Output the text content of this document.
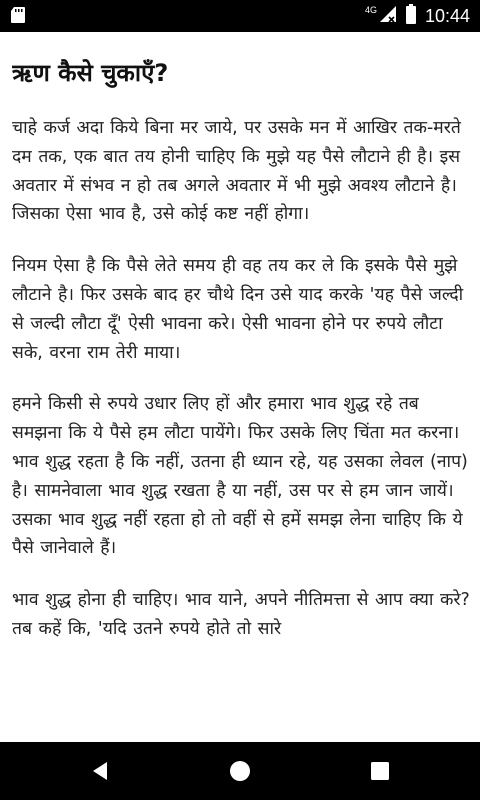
4G	10:44
ऋण कैसे चुकाएँ?

चाहे कर्ज अदा किये बिना मर जाये, पर उसके मन में आखिर तक-मरते दम तक, एक बात तय होनी चाहिए कि मुझे यह पैसे लौटाने ही है। इस अवतार में संभव न हो तब अगले अवतार में भी मुझे अवश्य लौटाने है। जिसका ऐसा भाव है, उसे कोई कष्ट नहीं होगा।

नियम ऐसा है कि पैसे लेते समय ही वह तय कर ले कि इसके पैसे मुझे लौटाने है। फिर उसके बाद हर चौथे दिन उसे याद करके 'यह पैसे जल्दी से जल्दी लौटा दूँ' ऐसी भावना करे। ऐसी भावना होने पर रुपये लौटा सके, वरना राम तेरी माया।

हमने किसी से रुपये उधार लिए हों और हमारा भाव शुद्ध रहे तब समझना कि ये पैसे हम लौटा पायेंगे। फिर उसके लिए चिंता मत करना। भाव शुद्ध रहता है कि नहीं, उतना ही ध्यान रहे, यह उसका लेवल (नाप) है। सामनेवाला भाव शुद्ध रखता है या नहीं, उस पर से हम जान जायें। उसका भाव शुद्ध नहीं रहता हो तो वहीं से हमें समझ लेना चाहिए कि ये पैसे जानेवाले हैं।

भाव शुद्ध होना ही चाहिए। भाव याने, अपने नीतिमत्ता से आप क्या करे? तब कहें कि, 'यदि उतने रुपये होते तो सारे
